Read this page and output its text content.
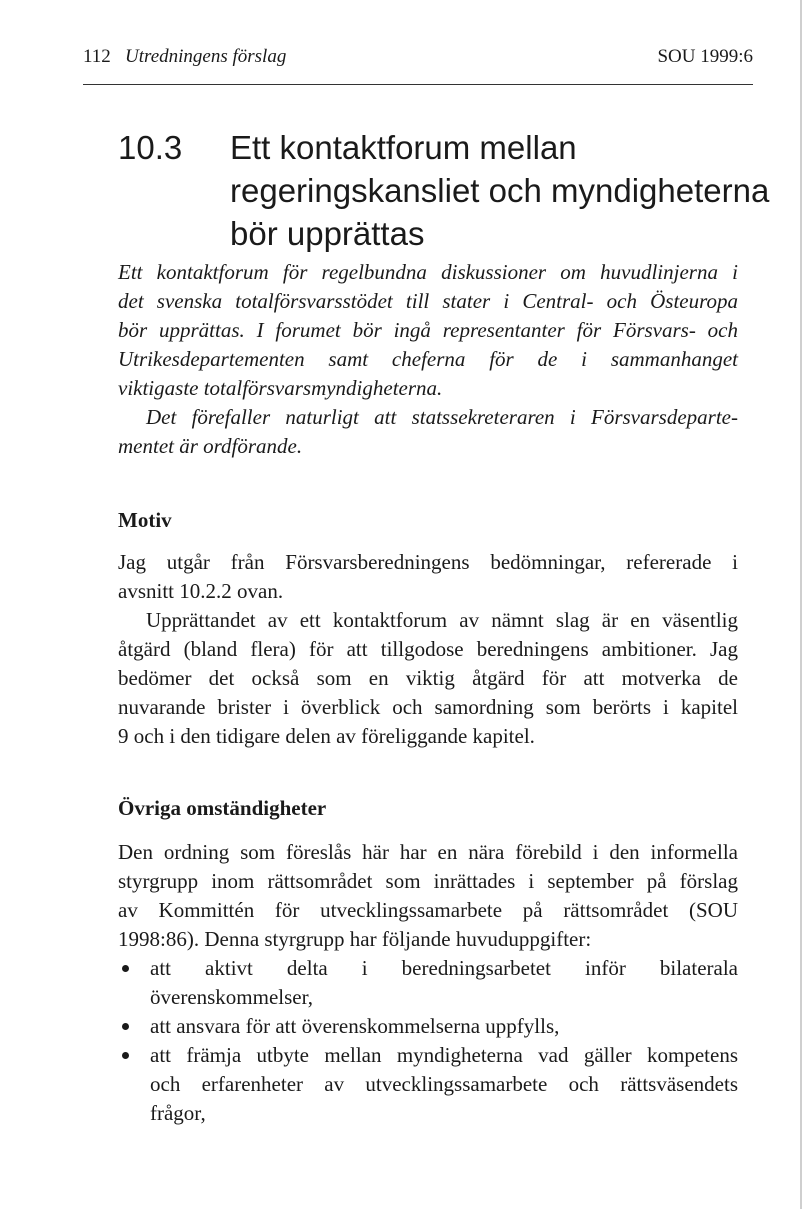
112 Utredningens förslag	SOU 1999:6
10.3 Ett kontaktforum mellan
regeringskansliet och myndigheterna
bör upprättas
Ett kontaktforum för regelbundna diskussioner om huvudlinjerna i
det svenska totalförsvarsstödet till stater i Central- och Östeuropa
bör upprättas. I forumet bör ingå representanter för Försvars- och
Utrikesdepartementen samt cheferna för de i sammanhanget
viktigaste totalförsvarsmyndigheterna.
Det förefaller naturligt att statssekreteraren i Försvarsdeparte-
mentet är ordförande.
Motiv
Jag utgår från Försvarsberedningens bedömningar, refererade i
avsnitt 10.2.2 ovan.
Upprättandet av ett kontaktforum av nämnt slag är en väsentlig
åtgärd (bland flera) för att tillgodose beredningens ambitioner. Jag
bedömer det också som en viktig åtgärd för att motverka de
nuvarande brister i överblick och samordning som berörts i kapitel
9 och i den tidigare delen av föreliggande kapitel.
Övriga omständigheter
Den ordning som föreslås här har en nära förebild i den informella
styrgrupp inom rättsområdet som inrättades i september på förslag
av Kommittén för utvecklingssamarbete på rättsområdet (SOU
1998:86). Denna styrgrupp har följande huvuduppgifter:
att aktivt delta i beredningsarbetet inför bilaterala
överenskommelser,
att ansvara för att överenskommelserna uppfylls,
att främja utbyte mellan myndigheterna vad gäller kompetens
och erfarenheter av utvecklingssamarbete och rättsväsendets
frågor,
